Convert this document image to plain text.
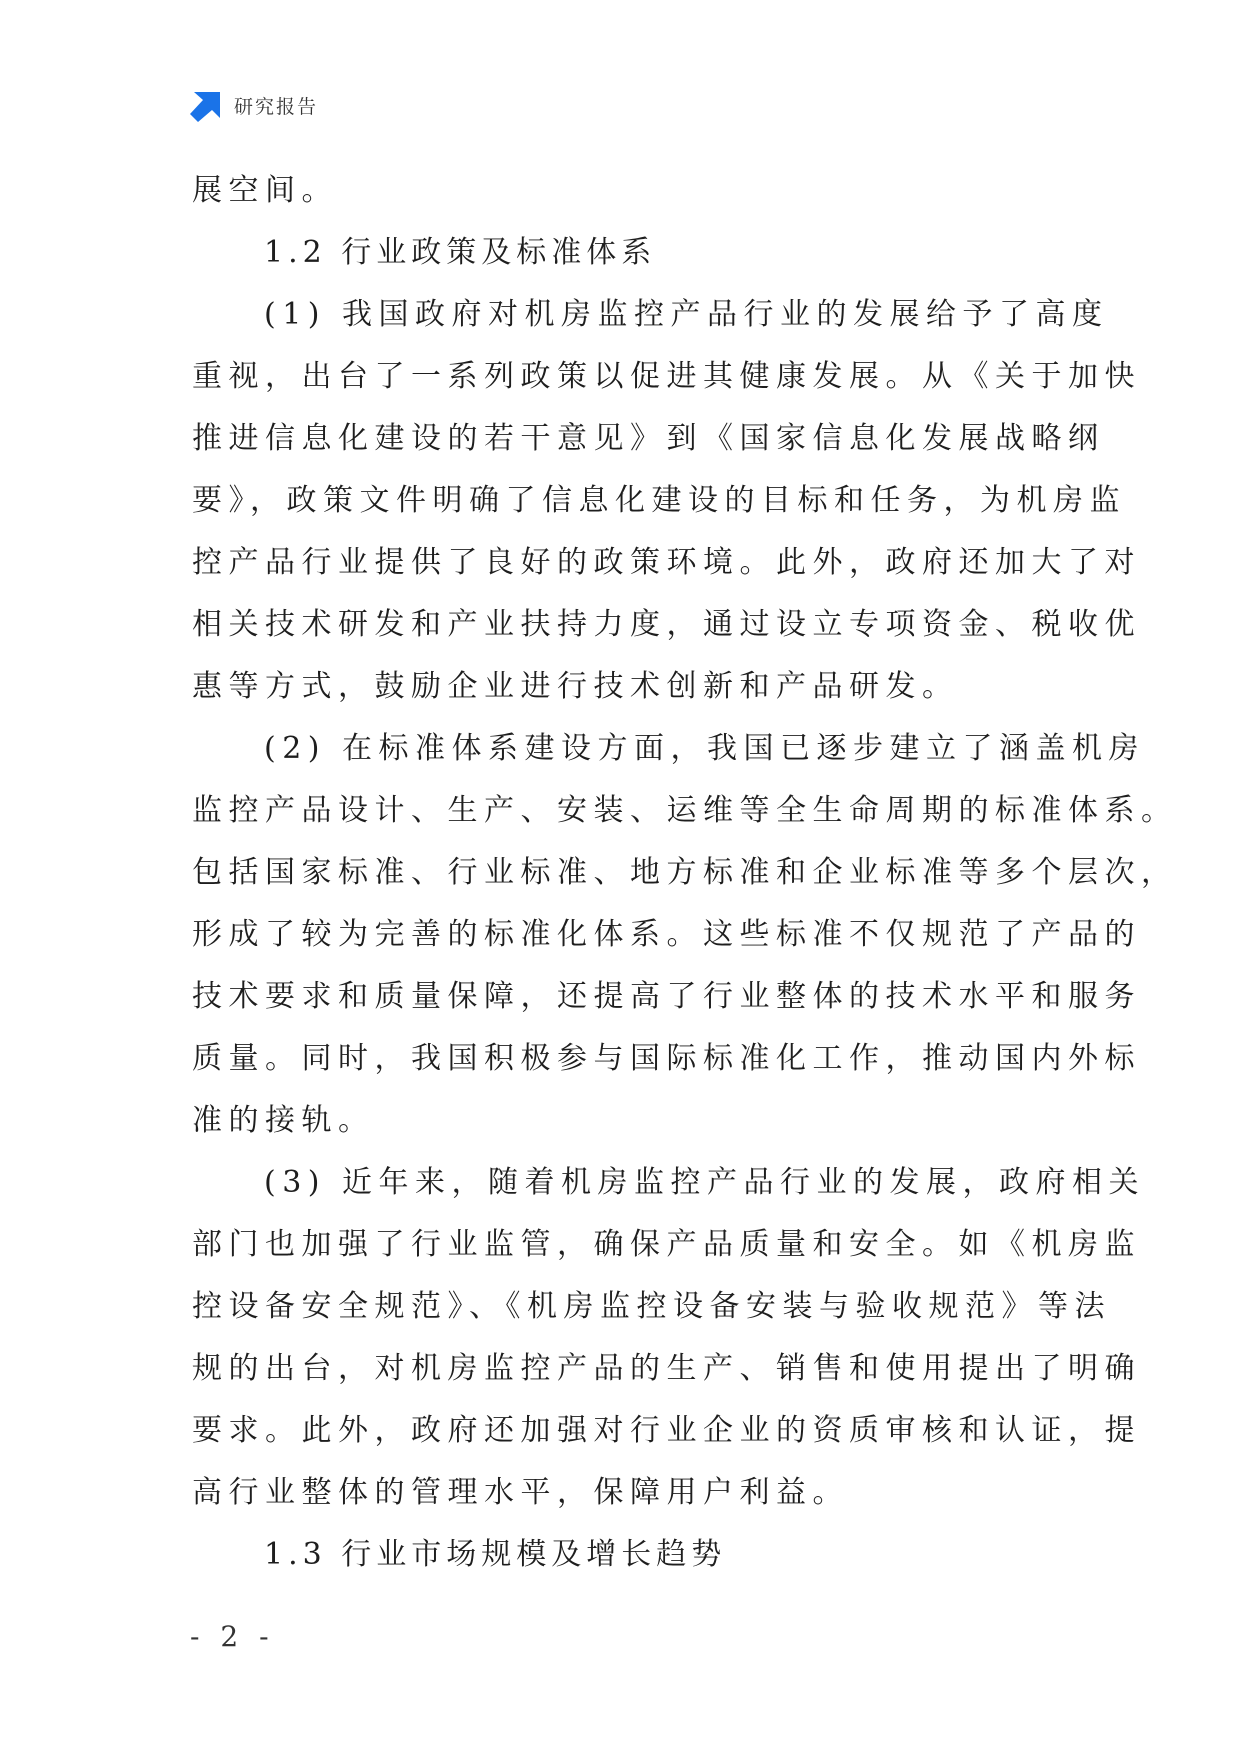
研究报告
展空间。
1.2 行业政策及标准体系
(1) 我国政府对机房监控产品行业的发展给予了高度
重视，出台了一系列政策以促进其健康发展。从《关于加快
推进信息化建设的若干意见》到《国家信息化发展战略纲
要》，政策文件明确了信息化建设的目标和任务，为机房监
控产品行业提供了良好的政策环境。此外，政府还加大了对
相关技术研发和产业扶持力度，通过设立专项资金、税收优
惠等方式，鼓励企业进行技术创新和产品研发。
(2) 在标准体系建设方面，我国已逐步建立了涵盖机房
监控产品设计、生产、安装、运维等全生命周期的标准体系。
包括国家标准、行业标准、地方标准和企业标准等多个层次，
形成了较为完善的标准化体系。这些标准不仅规范了产品的
技术要求和质量保障，还提高了行业整体的技术水平和服务
质量。同时，我国积极参与国际标准化工作，推动国内外标
准的接轨。
(3) 近年来，随着机房监控产品行业的发展，政府相关
部门也加强了行业监管，确保产品质量和安全。如《机房监
控设备安全规范》、《机房监控设备安装与验收规范》等法
规的出台，对机房监控产品的生产、销售和使用提出了明确
要求。此外，政府还加强对行业企业的资质审核和认证，提
高行业整体的管理水平，保障用户利益。
1.3 行业市场规模及增长趋势
- 2 -
